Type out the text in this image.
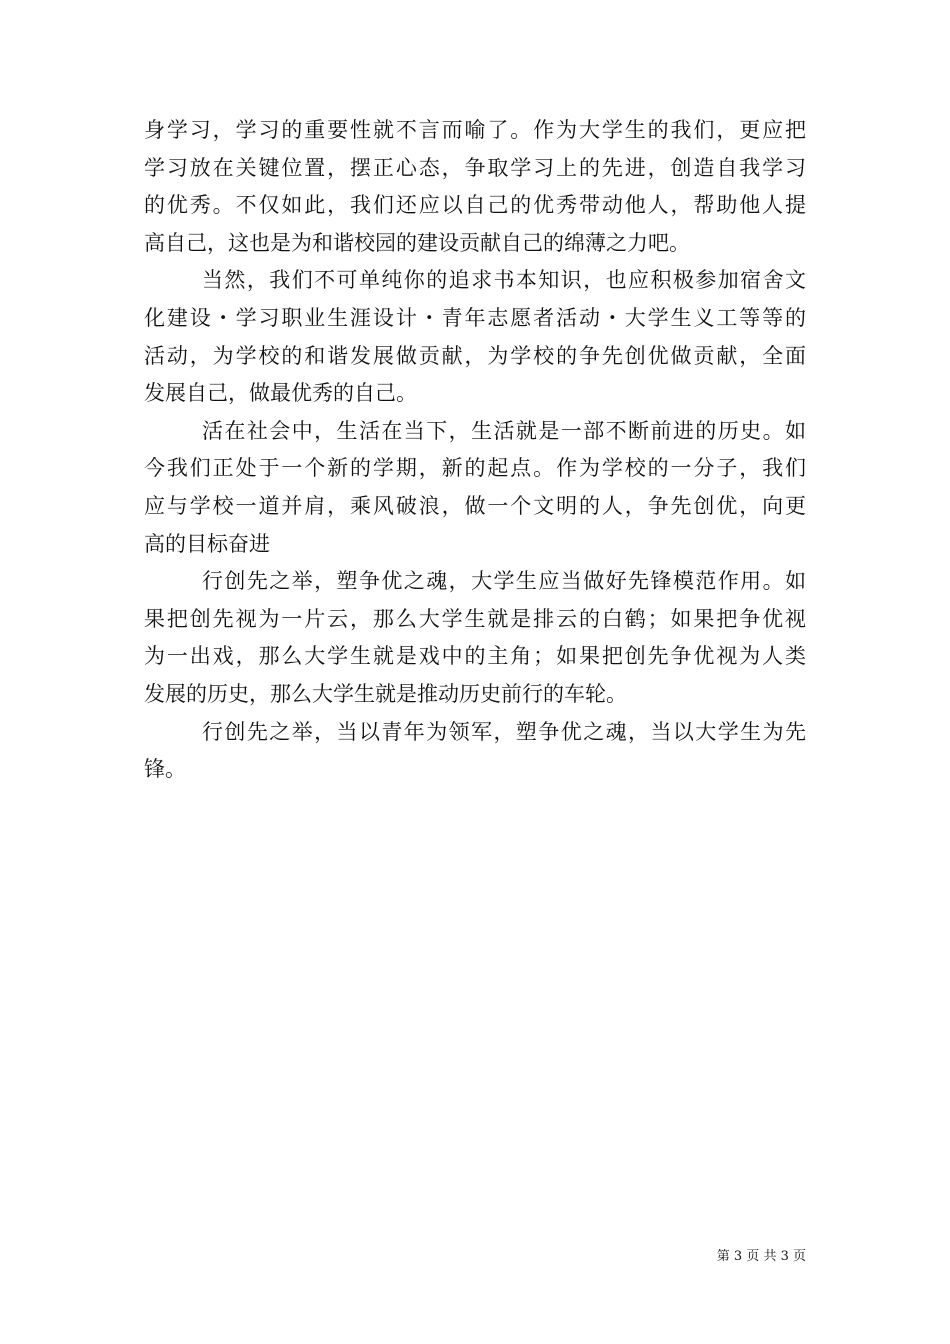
身学习，学习的重要性就不言而喻了。作为大学生的我们，更应把
学习放在关键位置，摆正心态，争取学习上的先进，创造自我学习
的优秀。不仅如此，我们还应以自己的优秀带动他人，帮助他人提
高自己，这也是为和谐校园的建设贡献自己的绵薄之力吧。
当然，我们不可单纯你的追求书本知识，也应积极参加宿舍文
化建设・学习职业生涯设计・青年志愿者活动・大学生义工等等的
活动，为学校的和谐发展做贡献，为学校的争先创优做贡献，全面
发展自己，做最优秀的自己。
活在社会中，生活在当下，生活就是一部不断前进的历史。如
今我们正处于一个新的学期，新的起点。作为学校的一分子，我们
应与学校一道并肩，乘风破浪，做一个文明的人，争先创优，向更
高的目标奋进
行创先之举，塑争优之魂，大学生应当做好先锋模范作用。如
果把创先视为一片云，那么大学生就是排云的白鹤；如果把争优视
为一出戏，那么大学生就是戏中的主角；如果把创先争优视为人类
发展的历史，那么大学生就是推动历史前行的车轮。
行创先之举，当以青年为领军，塑争优之魂，当以大学生为先
锋。
第 3 页 共 3 页
